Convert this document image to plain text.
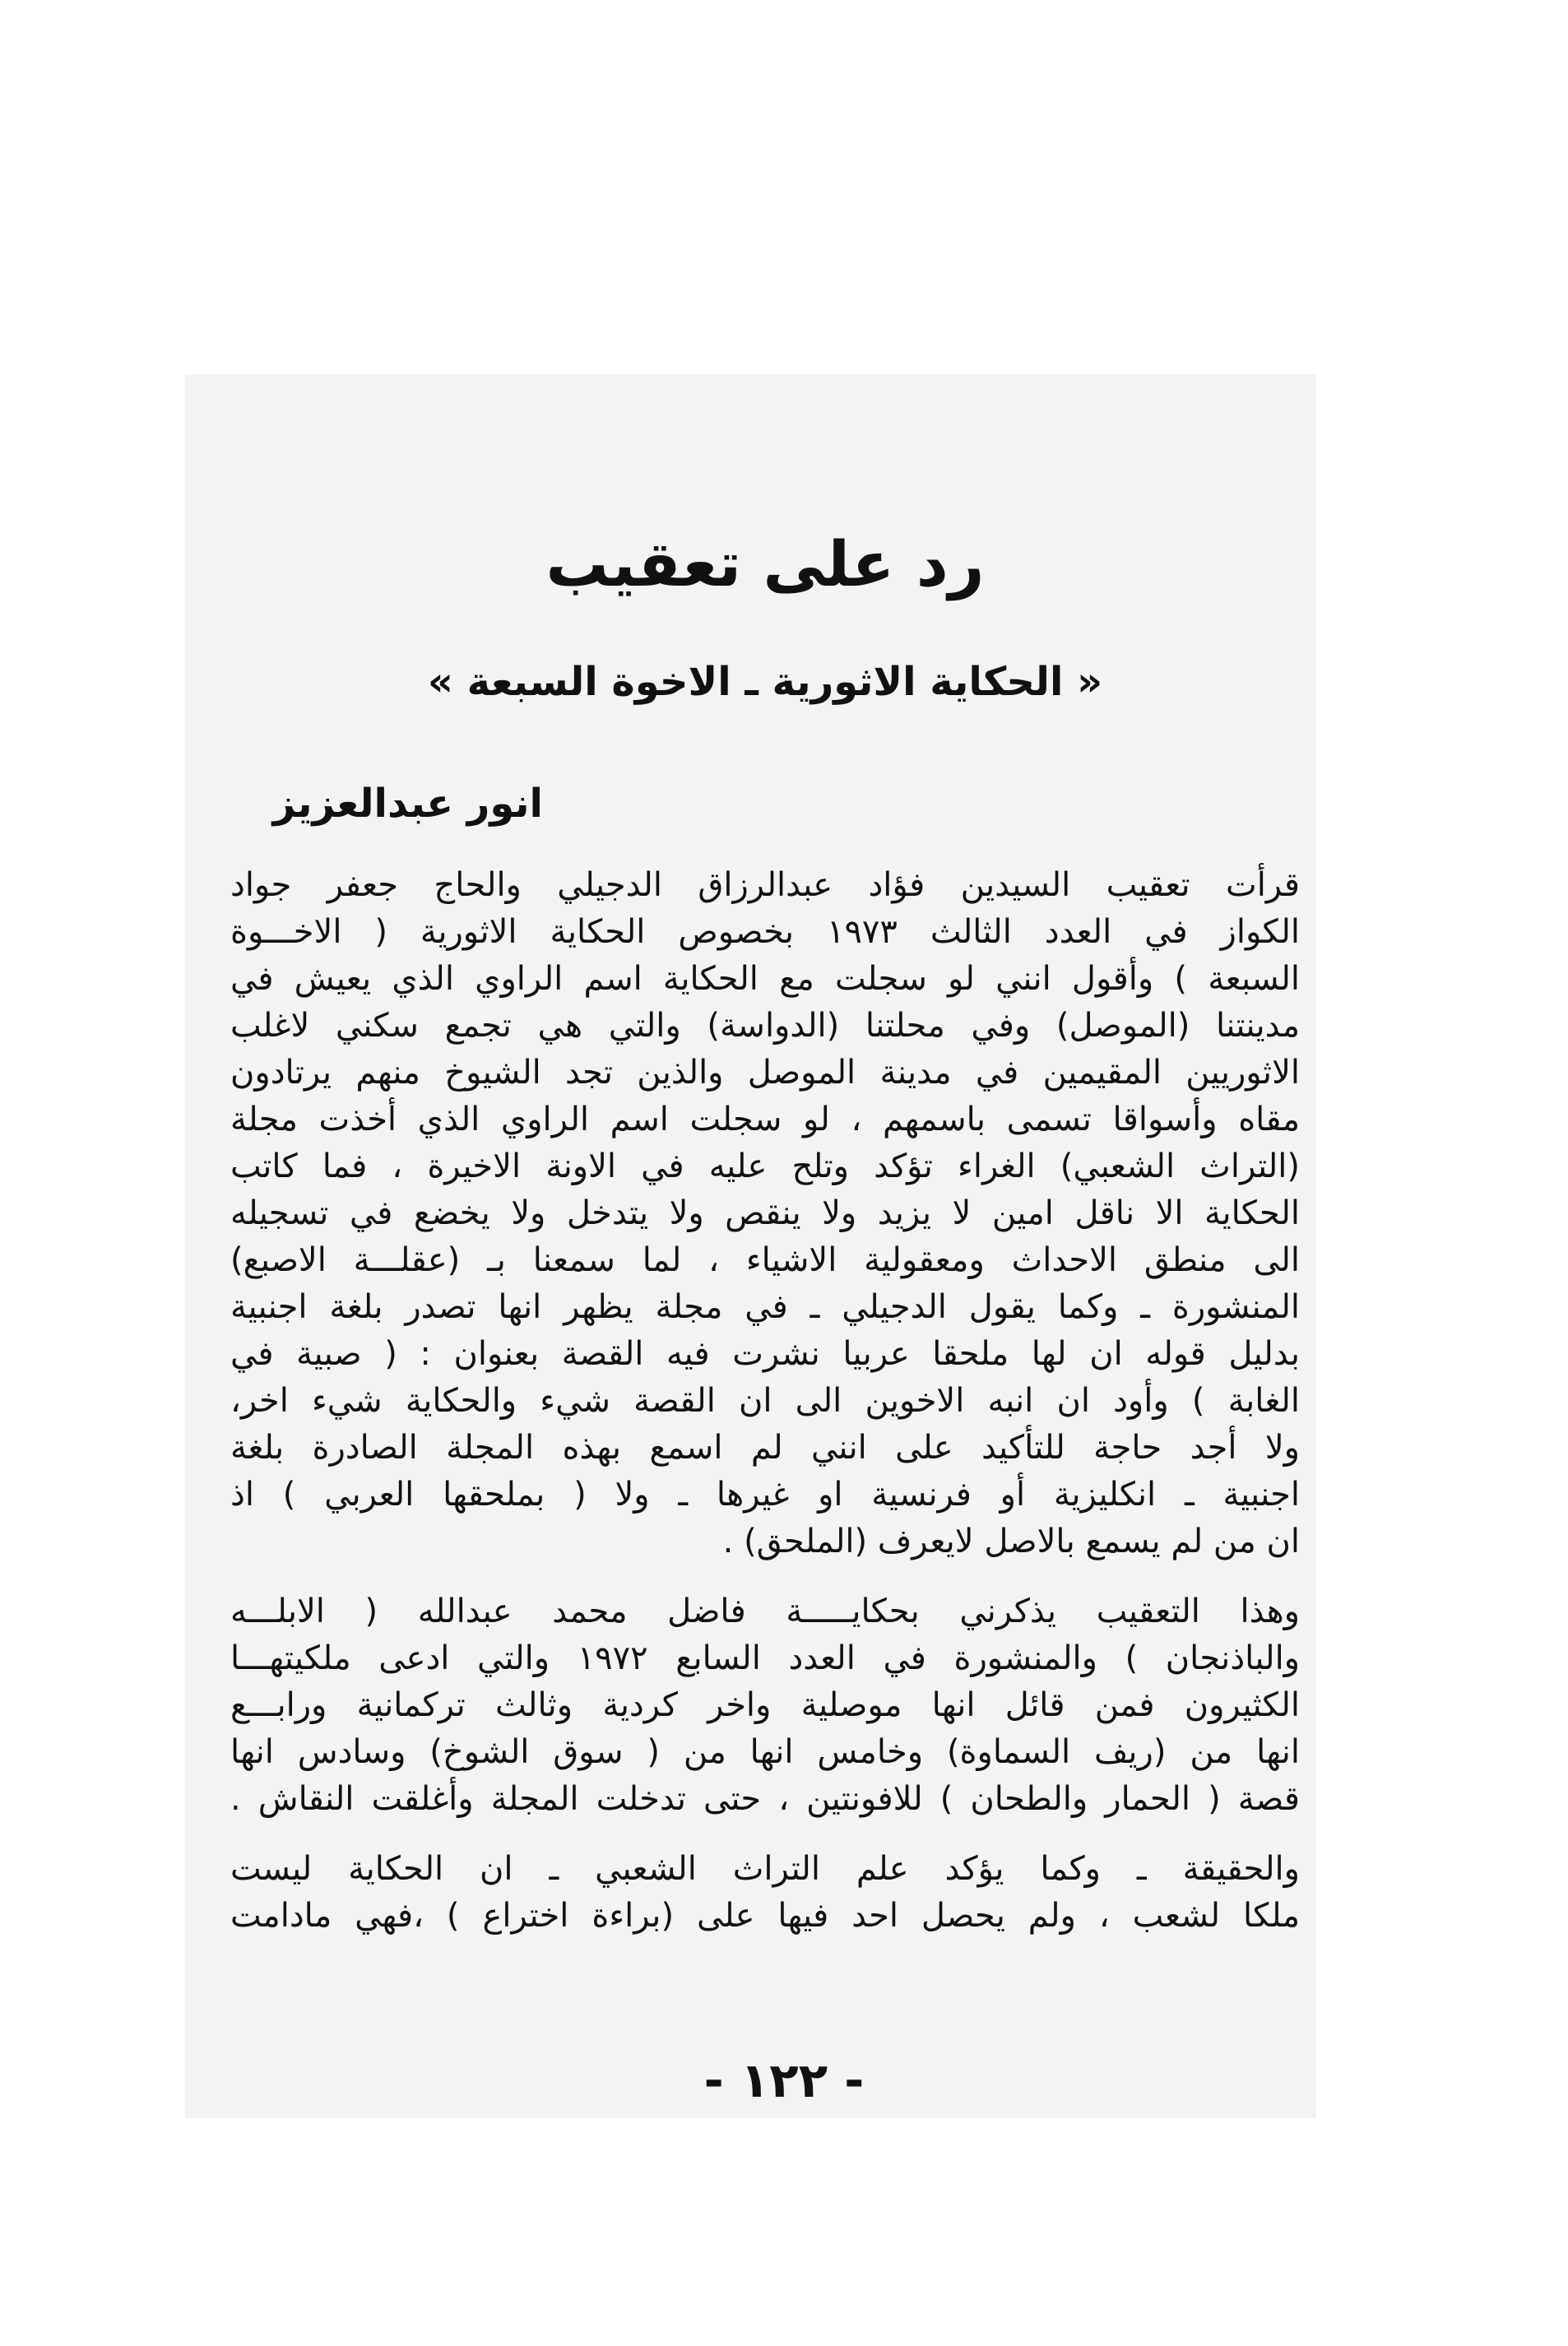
رد على تعقيب
« الحكاية الاثورية ـ الاخوة السبعة »
انور عبدالعزيز

قرأت تعقيب السيدين فؤاد عبدالرزاق الدجيلي والحاج جعفر جواد
الكواز في العدد الثالث ١٩٧٣ بخصوص الحكاية الاثورية ( الاخـــوة
السبعة ) وأقول انني لو سجلت مع الحكاية اسم الراوي الذي يعيش في
مدينتنا (الموصل) وفي محلتنا (الدواسة) والتي هي تجمع سكني لاغلب
الاثوريين المقيمين في مدينة الموصل والذين تجد الشيوخ منهم يرتادون
مقاه وأسواقا تسمى باسمهم ، لو سجلت اسم الراوي الذي أخذت مجلة
(التراث الشعبي) الغراء تؤكد وتلح عليه في الاونة الاخيرة ، فما كاتب
الحكاية الا ناقل امين لا يزيد ولا ينقص ولا يتدخل ولا يخضع في تسجيله
الى منطق الاحداث ومعقولية الاشياء ، لما سمعنا بـ (عقلـــة الاصبع)
المنشورة ـ وكما يقول الدجيلي ـ في مجلة يظهر انها تصدر بلغة اجنبية
بدليل قوله ان لها ملحقا عربيا نشرت فيه القصة بعنوان : ( صبية في
الغابة ) وأود ان انبه الاخوين الى ان القصة شيء والحكاية شيء اخر،
ولا أجد حاجة للتأكيد على انني لم اسمع بهذه المجلة الصادرة بلغة
اجنبية ـ انكليزية أو فرنسية او غيرها ـ ولا ( بملحقها العربي ) اذ
ان من لم يسمع بالاصل لايعرف (الملحق) .

وهذا التعقيب يذكرني بحكايـــــة فاضل محمد عبدالله ( الابلـــه
والباذنجان ) والمنشورة في العدد السابع ١٩٧٢ والتي ادعى ملكيتهـــا
الكثيرون فمن قائل انها موصلية واخر كردية وثالث تركمانية ورابـــع
انها من (ريف السماوة) وخامس انها من ( سوق الشوخ) وسادس انها
قصة ( الحمار والطحان ) للافونتين ، حتى تدخلت المجلة وأغلقت النقاش .

والحقيقة ـ وكما يؤكد علم التراث الشعبي ـ ان الحكاية ليست
ملكا لشعب ، ولم يحصل احد فيها على (براءة اختراع ) ،فهي مادامت

- ١٢٢ -
